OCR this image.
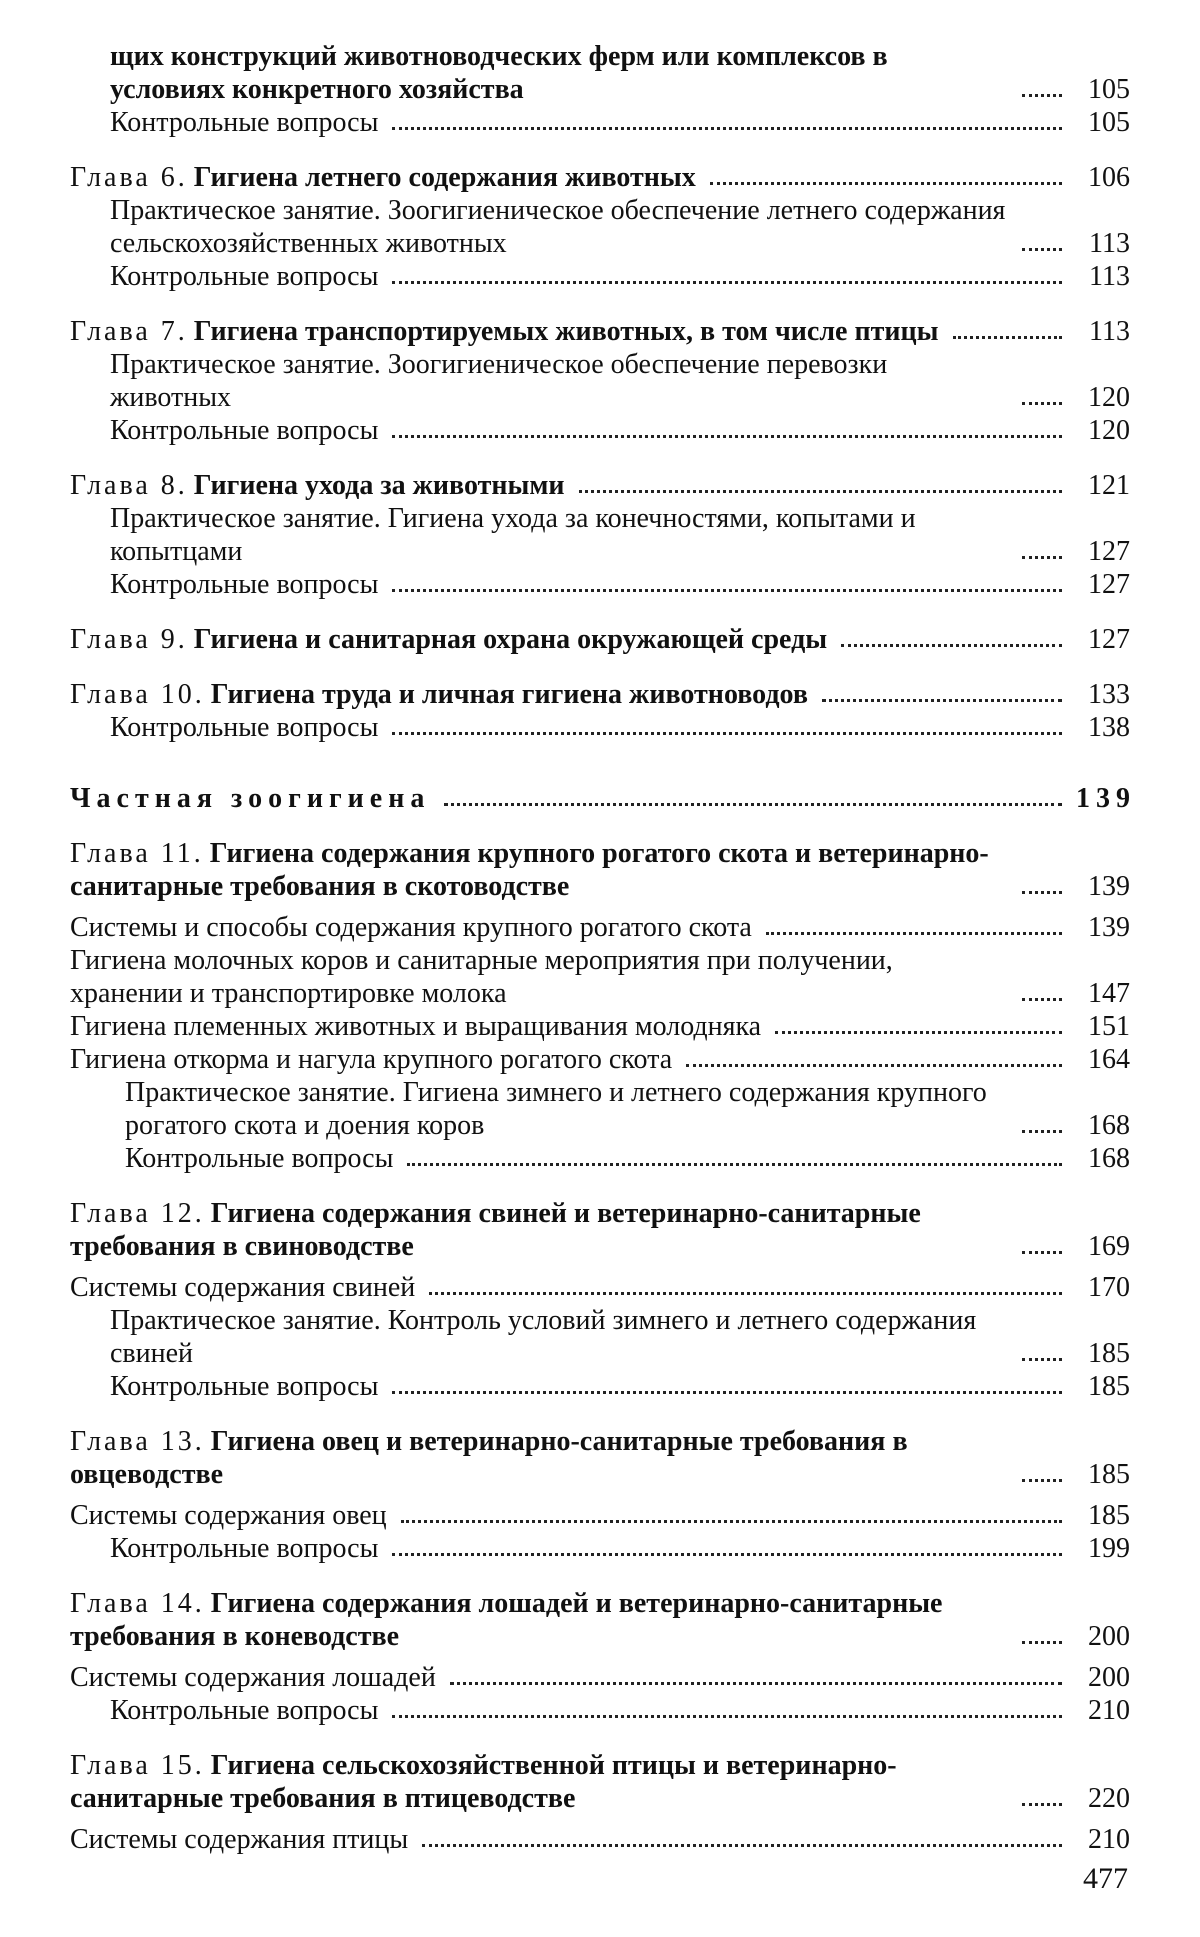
щих конструкций животноводческих ферм или комплексов в условиях конкретного хозяйства	105
Контрольные вопросы	105
Глава 6. Гигиена летнего содержания животных	106
Практическое занятие. Зоогигиеническое обеспечение летнего содержания сельскохозяйственных животных	113
Контрольные вопросы	113
Глава 7. Гигиена транспортируемых животных, в том числе птицы	113
Практическое занятие. Зоогигиеническое обеспечение перевозки животных	120
Контрольные вопросы	120
Глава 8. Гигиена ухода за животными	121
Практическое занятие. Гигиена ухода за конечностями, копытами и копытцами	127
Контрольные вопросы	127
Глава 9. Гигиена и санитарная охрана окружающей среды	127
Глава 10. Гигиена труда и личная гигиена животноводов	133
Контрольные вопросы	138
Частная зоогигиена	139
Глава 11. Гигиена содержания крупного рогатого скота и ветеринарно-санитарные требования в скотоводстве	139
Системы и способы содержания крупного рогатого скота	139
Гигиена молочных коров и санитарные мероприятия при получении, хранении и транспортировке молока	147
Гигиена племенных животных и выращивания молодняка	151
Гигиена откорма и нагула крупного рогатого скота	164
Практическое занятие. Гигиена зимнего и летнего содержания крупного рогатого скота и доения коров	168
Контрольные вопросы	168
Глава 12. Гигиена содержания свиней и ветеринарно-санитарные требования в свиноводстве	169
Системы содержания свиней	170
Практическое занятие. Контроль условий зимнего и летнего содержания свиней	185
Контрольные вопросы	185
Глава 13. Гигиена овец и ветеринарно-санитарные требования в овцеводстве	185
Системы содержания овец	185
Контрольные вопросы	199
Глава 14. Гигиена содержания лошадей и ветеринарно-санитарные требования в коневодстве	200
Системы содержания лошадей	200
Контрольные вопросы	210
Глава 15. Гигиена сельскохозяйственной птицы и ветеринарно-санитарные требования в птицеводстве	220
Системы содержания птицы	210
477
